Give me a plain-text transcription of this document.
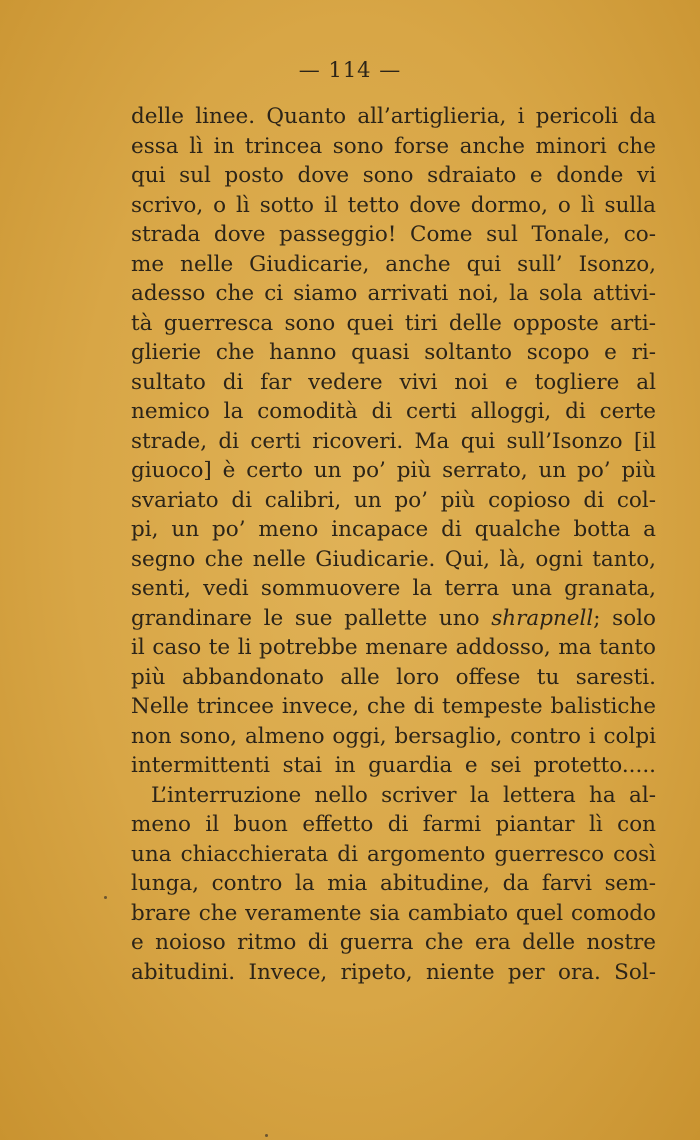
— 114 —
delle linee. Quanto all’artiglieria, i pericoli da
essa lì in trincea sono forse anche minori che
qui sul posto dove sono sdraiato e donde vi
scrivo, o lì sotto il tetto dove dormo, o lì sulla
strada dove passeggio! Come sul Tonale, co-
me nelle Giudicarie, anche qui sull’ Isonzo,
adesso che ci siamo arrivati noi, la sola attivi-
tà guerresca sono quei tiri delle opposte arti-
glierie che hanno quasi soltanto scopo e ri-
sultato di far vedere vivi noi e togliere al
nemico la comodità di certi alloggi, di certe
strade, di certi ricoveri. Ma qui sull’Isonzo [il
giuoco] è certo un po’ più serrato, un po’ più
svariato di calibri, un po’ più copioso di col-
pi, un po’ meno incapace di qualche botta a
segno che nelle Giudicarie. Qui, là, ogni tanto,
senti, vedi sommuovere la terra una granata,
grandinare le sue pallette uno shrapnell; solo
il caso te li potrebbe menare addosso, ma tanto
più abbandonato alle loro offese tu saresti.
Nelle trincee invece, che di tempeste balistiche
non sono, almeno oggi, bersaglio, contro i colpi
intermittenti stai in guardia e sei protetto.....
L’interruzione nello scriver la lettera ha al-
meno il buon effetto di farmi piantar lì con
una chiacchierata di argomento guerresco così
lunga, contro la mia abitudine, da farvi sem-
brare che veramente sia cambiato quel comodo
e noioso ritmo di guerra che era delle nostre
abitudini. Invece, ripeto, niente per ora. Sol-
